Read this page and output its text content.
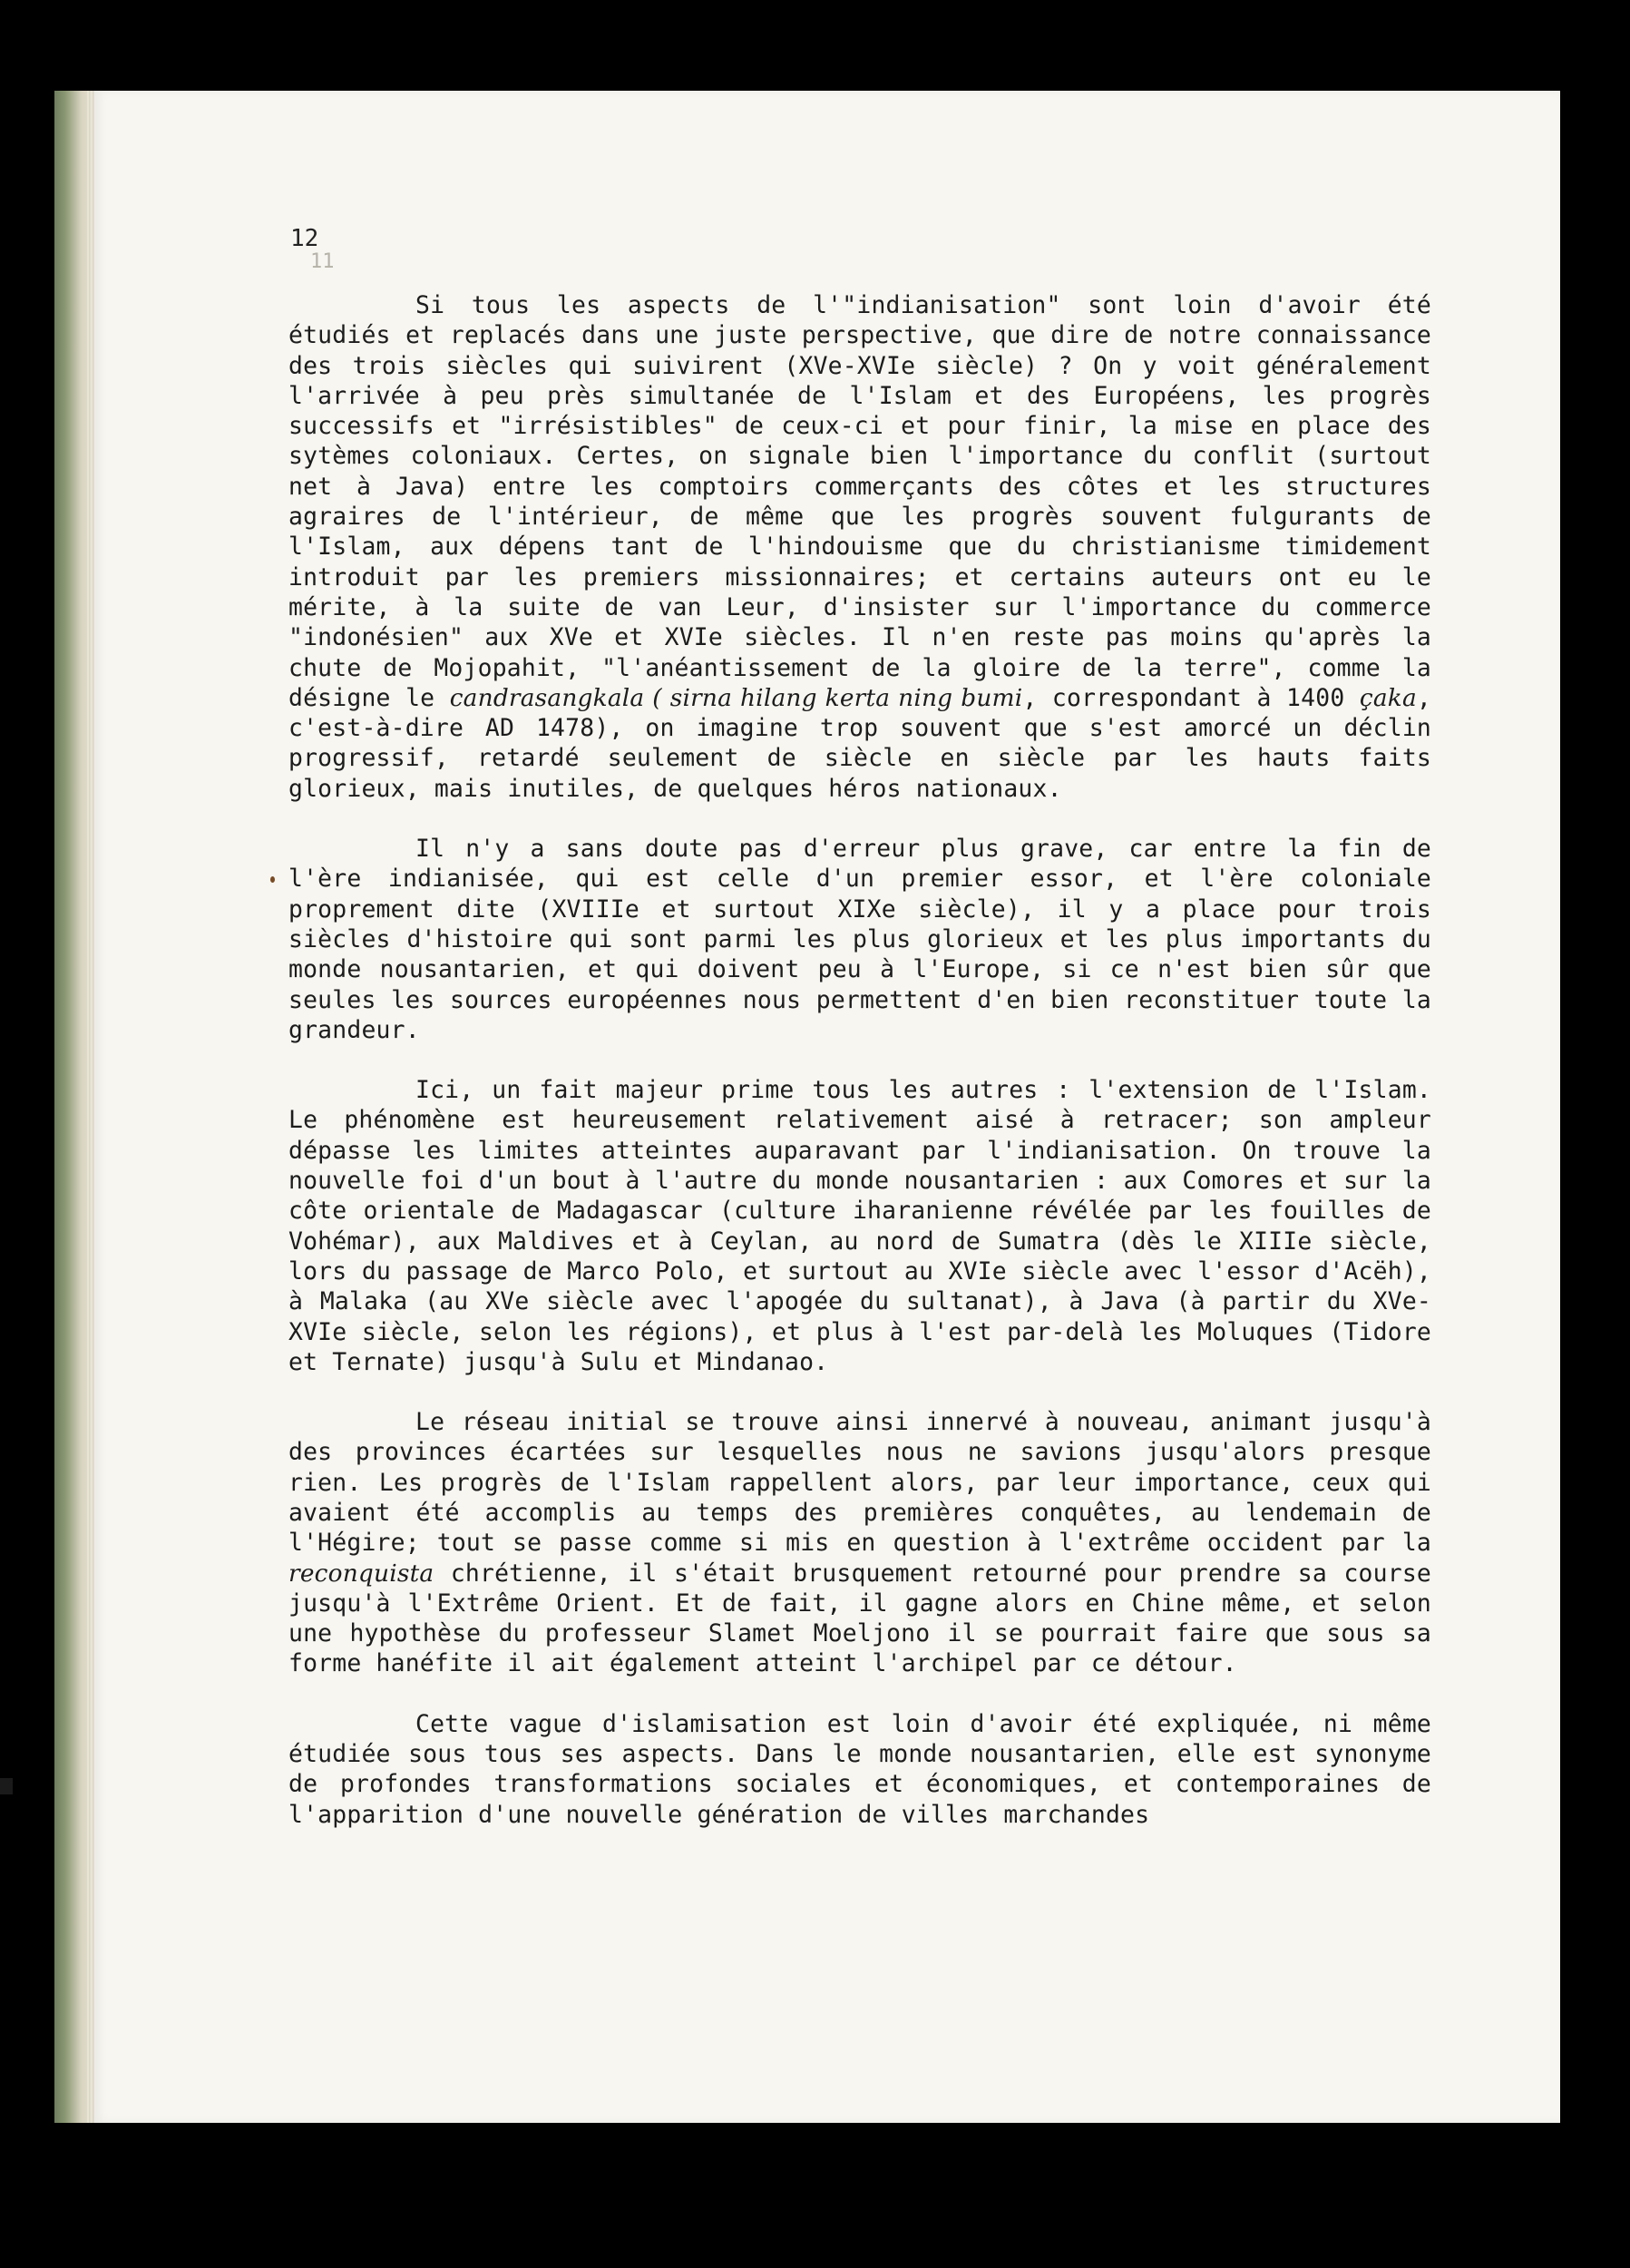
12
11

Si tous les aspects de l'"indianisation" sont loin d'avoir été étudiés et replacés dans une juste perspective, que dire de notre connaissance des trois siècles qui suivirent (XVe-XVIe siècle) ? On y voit généralement l'arrivée à peu près simultanée de l'Islam et des Européens, les progrès successifs et "irrésistibles" de ceux-ci et pour finir, la mise en place des sytèmes coloniaux. Certes, on signale bien l'importance du conflit (surtout net à Java) entre les comptoirs commerçants des côtes et les structures agraires de l'intérieur, de même que les progrès souvent fulgurants de l'Islam, aux dépens tant de l'hindouisme que du christianisme timidement introduit par les premiers missionnaires; et certains auteurs ont eu le mérite, à la suite de van Leur, d'insister sur l'importance du commerce "indonésien" aux XVe et XVIe siècles. Il n'en reste pas moins qu'après la chute de Mojopahit, "l'anéantissement de la gloire de la terre", comme la désigne le candrasangkala ( sirna hilang kerta ning bumi, correspondant à 1400 çaka, c'est-à-dire AD 1478), on imagine trop souvent que s'est amorcé un déclin progressif, retardé seulement de siècle en siècle par les hauts faits glorieux, mais inutiles, de quelques héros nationaux.

Il n'y a sans doute pas d'erreur plus grave, car entre la fin de l'ère indianisée, qui est celle d'un premier essor, et l'ère coloniale proprement dite (XVIIIe et surtout XIXe siècle), il y a place pour trois siècles d'histoire qui sont parmi les plus glorieux et les plus importants du monde nousantarien, et qui doivent peu à l'Europe, si ce n'est bien sûr que seules les sources européennes nous permettent d'en bien reconstituer toute la grandeur.

Ici, un fait majeur prime tous les autres : l'extension de l'Islam. Le phénomène est heureusement relativement aisé à retracer; son ampleur dépasse les limites atteintes auparavant par l'indianisation. On trouve la nouvelle foi d'un bout à l'autre du monde nousantarien : aux Comores et sur la côte orientale de Madagascar (culture iharanienne révélée par les fouilles de Vohémar), aux Maldives et à Ceylan, au nord de Sumatra (dès le XIIIe siècle, lors du passage de Marco Polo, et surtout au XVIe siècle avec l'essor d'Acëh), à Malaka (au XVe siècle avec l'apogée du sultanat), à Java (à partir du XVe-XVIe siècle, selon les régions), et plus à l'est par-delà les Moluques (Tidore et Ternate) jusqu'à Sulu et Mindanao.

Le réseau initial se trouve ainsi innervé à nouveau, animant jusqu'à des provinces écartées sur lesquelles nous ne savions jusqu'alors presque rien. Les progrès de l'Islam rappellent alors, par leur importance, ceux qui avaient été accomplis au temps des premières conquêtes, au lendemain de l'Hégire; tout se passe comme si mis en question à l'extrême occident par la reconquista chrétienne, il s'était brusquement retourné pour prendre sa course jusqu'à l'Extrême Orient. Et de fait, il gagne alors en Chine même, et selon une hypothèse du professeur Slamet Moeljono il se pourrait faire que sous sa forme hanéfite il ait également atteint l'archipel par ce détour.

Cette vague d'islamisation est loin d'avoir été expliquée, ni même étudiée sous tous ses aspects. Dans le monde nousantarien, elle est synonyme de profondes transformations sociales et économiques, et contemporaines de l'apparition d'une nouvelle génération de villes marchandes
